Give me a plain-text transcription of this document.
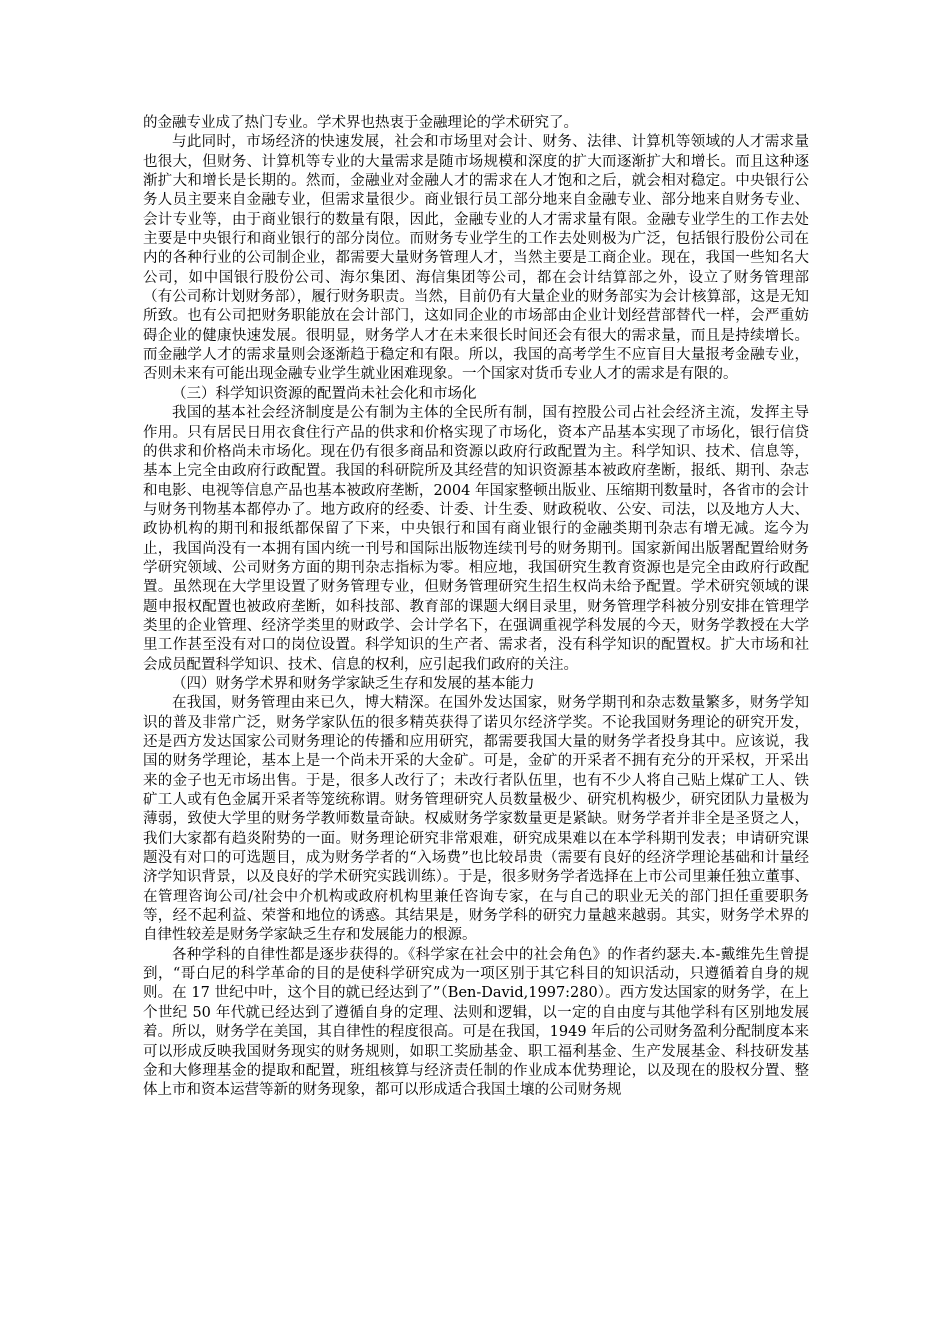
的金融专业成了热门专业。学术界也热衷于金融理论的学术研究了。

与此同时，市场经济的快速发展，社会和市场里对会计、财务、法律、计算机等领域的人才需求量也很大，但财务、计算机等专业的大量需求是随市场规模和深度的扩大而逐渐扩大和增长。而且这种逐渐扩大和增长是长期的。然而，金融业对金融人才的需求在人才饱和之后，就会相对稳定。中央银行公务人员主要来自金融专业，但需求量很少。商业银行员工部分地来自金融专业、部分地来自财务专业、会计专业等，由于商业银行的数量有限，因此，金融专业的人才需求量有限。金融专业学生的工作去处主要是中央银行和商业银行的部分岗位。而财务专业学生的工作去处则极为广泛，包括银行股份公司在内的各种行业的公司制企业，都需要大量财务管理人才，当然主要是工商企业。现在，我国一些知名大公司，如中国银行股份公司、海尔集团、海信集团等公司，都在会计结算部之外，设立了财务管理部（有公司称计划财务部），履行财务职责。当然，目前仍有大量企业的财务部实为会计核算部，这是无知所致。也有公司把财务职能放在会计部门，这如同企业的市场部由企业计划经营部替代一样，会严重妨碍企业的健康快速发展。很明显，财务学人才在未来很长时间还会有很大的需求量，而且是持续增长。而金融学人才的需求量则会逐渐趋于稳定和有限。所以，我国的高考学生不应盲目大量报考金融专业，否则未来有可能出现金融专业学生就业困难现象。一个国家对货币专业人才的需求是有限的。

（三）科学知识资源的配置尚未社会化和市场化

我国的基本社会经济制度是公有制为主体的全民所有制，国有控股公司占社会经济主流，发挥主导作用。只有居民日用衣食住行产品的供求和价格实现了市场化，资本产品基本实现了市场化，银行信贷的供求和价格尚未市场化。现在仍有很多商品和资源以政府行政配置为主。科学知识、技术、信息等，基本上完全由政府行政配置。我国的科研院所及其经营的知识资源基本被政府垄断，报纸、期刊、杂志和电影、电视等信息产品也基本被政府垄断，2004 年国家整顿出版业、压缩期刊数量时，各省市的会计与财务刊物基本都停办了。地方政府的经委、计委、计生委、财政税收、公安、司法，以及地方人大、政协机构的期刊和报纸都保留了下来，中央银行和国有商业银行的金融类期刊杂志有增无减。迄今为止，我国尚没有一本拥有国内统一刊号和国际出版物连续刊号的财务期刊。国家新闻出版署配置给财务学研究领域、公司财务方面的期刊杂志指标为零。相应地，我国研究生教育资源也是完全由政府行政配置。虽然现在大学里设置了财务管理专业，但财务管理研究生招生权尚未给予配置。学术研究领域的课题申报权配置也被政府垄断，如科技部、教育部的课题大纲目录里，财务管理学科被分别安排在管理学类里的企业管理、经济学类里的财政学、会计学名下，在强调重视学科发展的今天，财务学教授在大学里工作甚至没有对口的岗位设置。科学知识的生产者、需求者，没有科学知识的配置权。扩大市场和社会成员配置科学知识、技术、信息的权利，应引起我们政府的关注。

（四）财务学术界和财务学家缺乏生存和发展的基本能力

在我国，财务管理由来已久，博大精深。在国外发达国家，财务学期刊和杂志数量繁多，财务学知识的普及非常广泛，财务学家队伍的很多精英获得了诺贝尔经济学奖。不论我国财务理论的研究开发，还是西方发达国家公司财务理论的传播和应用研究，都需要我国大量的财务学者投身其中。应该说，我国的财务学理论，基本上是一个尚未开采的大金矿。可是，金矿的开采者不拥有充分的开采权，开采出来的金子也无市场出售。于是，很多人改行了；未改行者队伍里，也有不少人将自己贴上煤矿工人、铁矿工人或有色金属开采者等笼统称谓。财务管理研究人员数量极少、研究机构极少，研究团队力量极为薄弱，致使大学里的财务学教师数量奇缺。权威财务学家数量更是紧缺。财务学者并非全是圣贤之人，我们大家都有趋炎附势的一面。财务理论研究非常艰难，研究成果难以在本学科期刊发表；申请研究课题没有对口的可选题目，成为财务学者的“入场费”也比较昂贵（需要有良好的经济学理论基础和计量经济学知识背景，以及良好的学术研究实践训练）。于是，很多财务学者选择在上市公司里兼任独立董事、在管理咨询公司/社会中介机构或政府机构里兼任咨询专家，在与自己的职业无关的部门担任重要职务等，经不起利益、荣誉和地位的诱惑。其结果是，财务学科的研究力量越来越弱。其实，财务学术界的自律性较差是财务学家缺乏生存和发展能力的根源。

各种学科的自律性都是逐步获得的。《科学家在社会中的社会角色》的作者约瑟夫.本-戴维先生曾提到，“哥白尼的科学革命的目的是使科学研究成为一项区别于其它科目的知识活动，只遵循着自身的规则。在 17 世纪中叶，这个目的就已经达到了”（Ben-David,1997:280）。西方发达国家的财务学，在上个世纪 50 年代就已经达到了遵循自身的定理、法则和逻辑，以一定的自由度与其他学科有区别地发展着。所以，财务学在美国，其自律性的程度很高。可是在我国，1949 年后的公司财务盈利分配制度本来可以形成反映我国财务现实的财务规则，如职工奖励基金、职工福利基金、生产发展基金、科技研发基金和大修理基金的提取和配置，班组核算与经济责任制的作业成本优势理论，以及现在的股权分置、整体上市和资本运营等新的财务现象，都可以形成适合我国土壤的公司财务规
